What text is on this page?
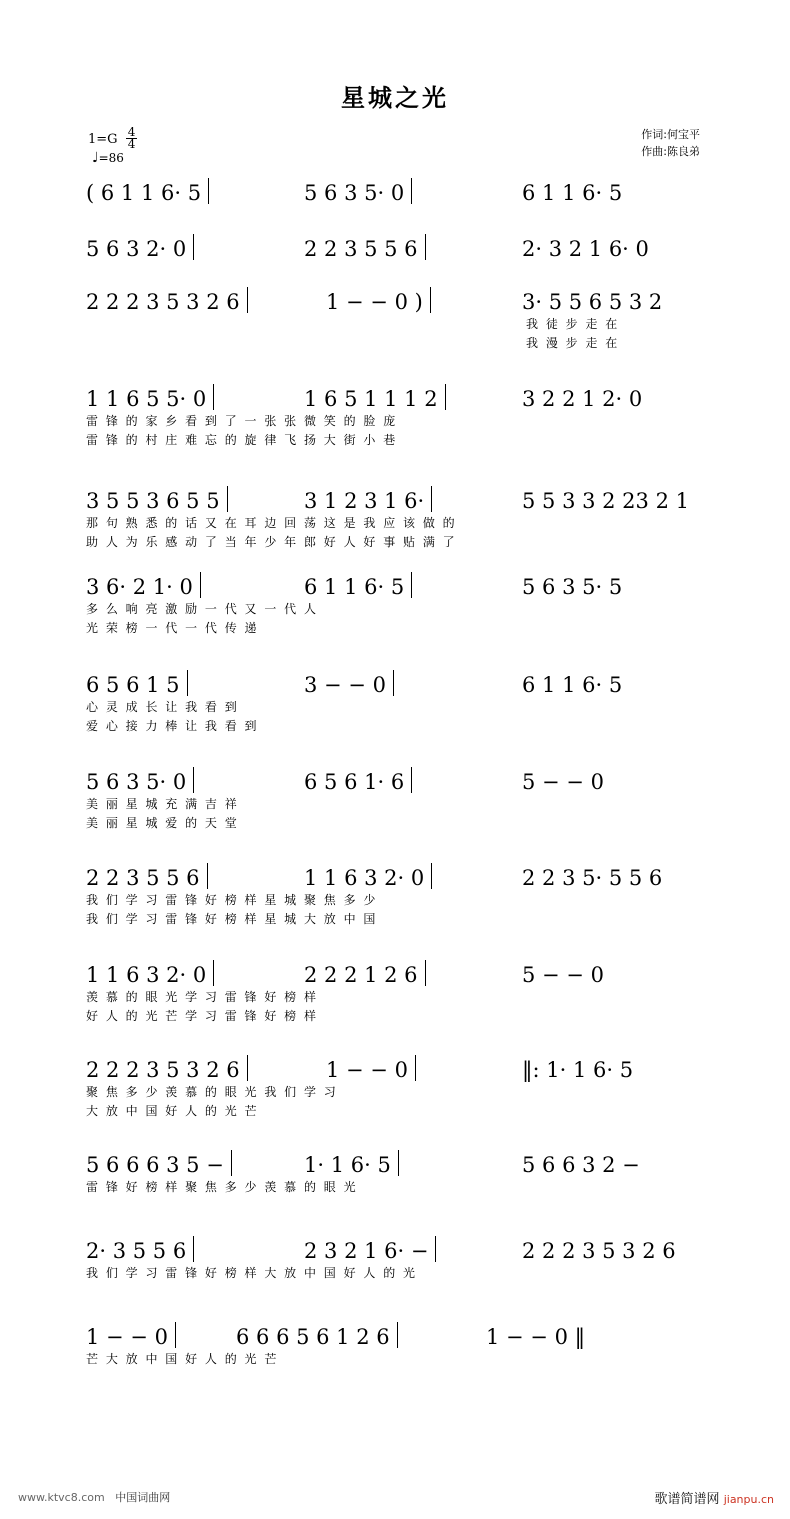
星城之光
作词:何宝平
作曲:陈良弟
$1=G \frac{4}{4}$
♩=86
( 6 1 1 6· 5	5 6 3 5· 0	6 1 1 6· 5
5 6 3 2· 0	2 2 3 5 5 6	2· 3 2 1 6· 0
2 2 2 3 5 3 2 6	1 − − 0 )	3· 5 5 6 5 3 2
我 徒 步 走 在
我 漫 步 走 在
1 1 6 5 5· 0	1 6 5 1 1 1 2	3 2 2 1 2· 0
雷 锋 的 家 乡 看 到 了 一 张 张 微 笑 的 脸 庞
雷 锋 的 村 庄 难 忘 的 旋 律 飞 扬 大 街 小 巷
3 5 5 3 6 5 5	3 1 2 3 1 6·	5 5 3 3 2 23 2 1
那 句 熟 悉 的 话 又 在 耳 边 回 荡 这 是 我 应 该 做 的
助 人 为 乐 感 动 了 当 年 少 年 郎 好 人 好 事 贴 满 了
3 6· 2 1· 0	6 1 1 6· 5	5 6 3 5· 5
多 么 响 亮 激 励 一 代 又 一 代 人
光 荣 榜 一 代 一 代 传 递
6 5 6 1 5	3 − − 0	6 1 1 6· 5
心 灵 成 长 让 我 看 到
爱 心 接 力 棒 让 我 看 到
5 6 3 5· 0	6 5 6 1· 6	5 − − 0
美 丽 星 城 充 满 吉 祥
美 丽 星 城 爱 的 天 堂
2 2 3 5 5 6	1 1 6 3 2· 0	2 2 3 5· 5 5 6
我 们 学 习 雷 锋 好 榜 样 星 城 聚 焦 多 少
我 们 学 习 雷 锋 好 榜 样 星 城 大 放 中 国
1 1 6 3 2· 0	2 2 2 1 2 6	5 − − 0
羡 慕 的 眼 光 学 习 雷 锋 好 榜 样
好 人 的 光 芒 学 习 雷 锋 好 榜 样
2 2 2 3 5 3 2 6	1 − − 0	‖: 1· 1 6· 5
聚 焦 多 少 羡 慕 的 眼 光 我 们 学 习
大 放 中 国 好 人 的 光 芒
5 6 6 6 3 5 −	1· 1 6· 5	5 6 6 3 2 −
雷 锋 好 榜 样 聚 焦 多 少 羡 慕 的 眼 光
2· 3 5 5 6	2 3 2 1 6· −	2 2 2 3 5 3 2 6
我 们 学 习 雷 锋 好 榜 样 大 放 中 国 好 人 的 光
1 − − 0	6 6 6 5 6 1 2 6	1 − − 0 ‖
芒 大 放 中 国 好 人 的 光 芒
www.ktvc8.com 中国词曲网	歌谱简谱网 jianpu.cn
